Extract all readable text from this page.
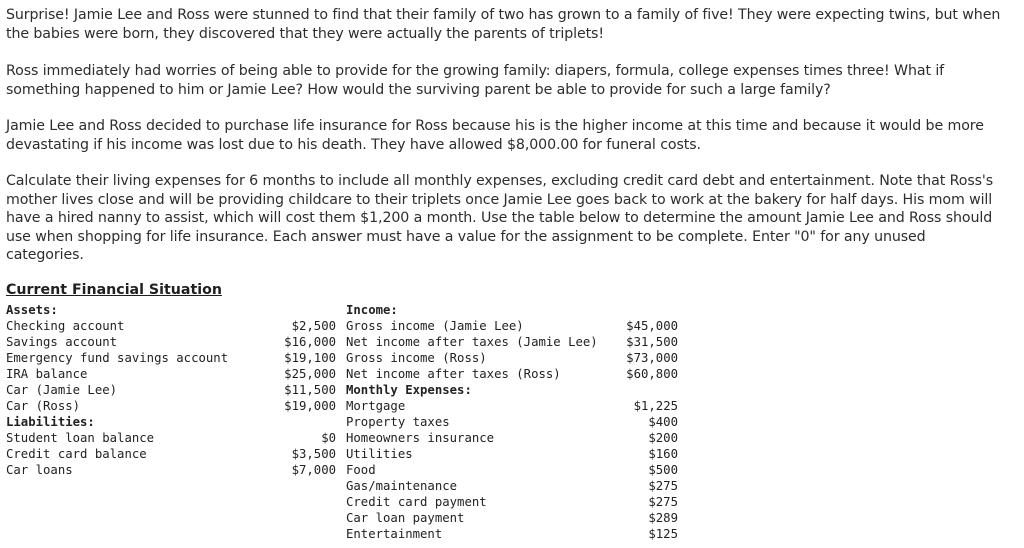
Surprise! Jamie Lee and Ross were stunned to find that their family of two has grown to a family of five! They were expecting twins, but when the babies were born, they discovered that they were actually the parents of triplets!

Ross immediately had worries of being able to provide for the growing family: diapers, formula, college expenses times three! What if something happened to him or Jamie Lee? How would the surviving parent be able to provide for such a large family?

Jamie Lee and Ross decided to purchase life insurance for Ross because his is the higher income at this time and because it would be more devastating if his income was lost due to his death. They have allowed $8,000.00 for funeral costs.

Calculate their living expenses for 6 months to include all monthly expenses, excluding credit card debt and entertainment. Note that Ross's mother lives close and will be providing childcare to their triplets once Jamie Lee goes back to work at the bakery for half days. His mom will have a hired nanny to assist, which will cost them $1,200 a month. Use the table below to determine the amount Jamie Lee and Ross should use when shopping for life insurance. Each answer must have a value for the assignment to be complete. Enter "0" for any unused categories.

Current Financial Situation
Assets:
Checking account	$2,500
Savings account	$16,000
Emergency fund savings account	$19,100
IRA balance	$25,000
Car (Jamie Lee)	$11,500
Car (Ross)	$19,000
Liabilities:
Student loan balance	$0
Credit card balance	$3,500
Car loans	$7,000
Income:
Gross income (Jamie Lee)	$45,000
Net income after taxes (Jamie Lee)	$31,500
Gross income (Ross)	$73,000
Net income after taxes (Ross)	$60,800
Monthly Expenses:
Mortgage	$1,225
Property taxes	$400
Homeowners insurance	$200
Utilities	$160
Food	$500
Gas/maintenance	$275
Credit card payment	$275
Car loan payment	$289
Entertainment	$125
